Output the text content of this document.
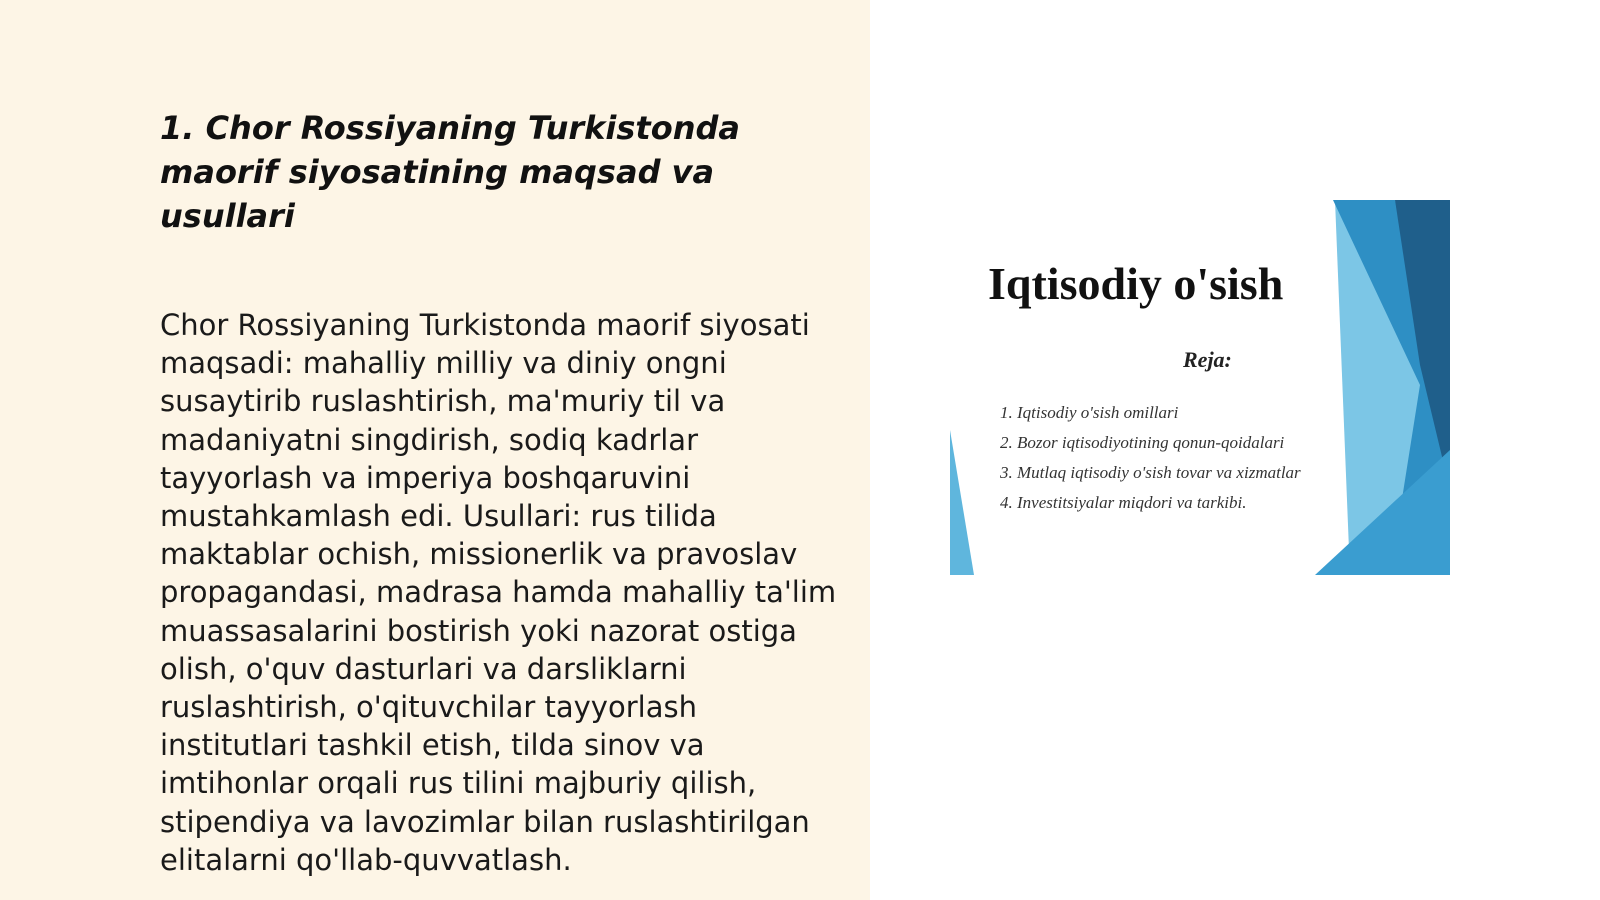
1. Chor Rossiyaning Turkistonda maorif siyosatining maqsad va usullari

Chor Rossiyaning Turkistonda maorif siyosati maqsadi: mahalliy milliy va diniy ongni susaytirib ruslashtirish, ma'muriy til va madaniyatni singdirish, sodiq kadrlar tayyorlash va imperiya boshqaruvini mustahkamlash edi. Usullari: rus tilida maktablar ochish, missionerlik va pravoslav propagandasi, madrasa hamda mahalliy ta'lim muassasalarini bostirish yoki nazorat ostiga olish, o'quv dasturlari va darsliklarni ruslashtirish, o'qituvchilar tayyorlash institutlari tashkil etish, tilda sinov va imtihonlar orqali rus tilini majburiy qilish, stipendiya va lavozimlar bilan ruslashtirilgan elitalarni qo'llab-quvvatlash.

Iqtisodiy o'sish
Reja:
1. Iqtisodiy o'sish omillari
2. Bozor iqtisodiyotining qonun-qoidalari
3. Mutlaq iqtisodiy o'sish tovar va xizmatlar
4. Investitsiyalar miqdori va tarkibi.
